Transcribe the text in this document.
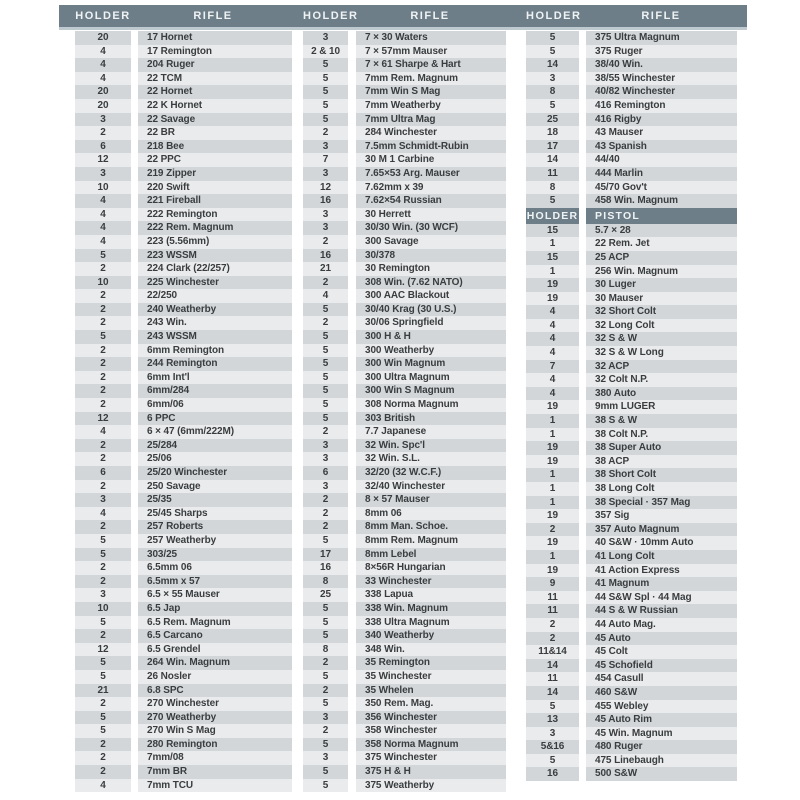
HOLDER	RIFLE	HOLDER	RIFLE	HOLDER	RIFLE
20	17 Hornet
4	17 Remington
4	204 Ruger
4	22 TCM
20	22 Hornet
20	22 K Hornet
3	22 Savage
2	22 BR
6	218 Bee
12	22 PPC
3	219 Zipper
10	220 Swift
4	221 Fireball
4	222 Remington
4	222 Rem. Magnum
4	223 (5.56mm)
5	223 WSSM
2	224 Clark (22/257)
10	225 Winchester
2	22/250
2	240 Weatherby
2	243 Win.
5	243 WSSM
2	6mm Remington
2	244 Remington
2	6mm Int'l
2	6mm/284
2	6mm/06
12	6 PPC
4	6 × 47 (6mm/222M)
2	25/284
2	25/06
6	25/20 Winchester
2	250 Savage
3	25/35
4	25/45 Sharps
2	257 Roberts
5	257 Weatherby
5	303/25
2	6.5mm 06
2	6.5mm x 57
3	6.5 × 55 Mauser
10	6.5 Jap
5	6.5 Rem. Magnum
2	6.5 Carcano
12	6.5 Grendel
5	264 Win. Magnum
5	26 Nosler
21	6.8 SPC
2	270 Winchester
5	270 Weatherby
5	270 Win S Mag
2	280 Remington
2	7mm/08
2	7mm BR
4	7mm TCU
3	7 × 30 Waters
2 & 10	7 × 57mm Mauser
5	7 × 61 Sharpe & Hart
5	7mm Rem. Magnum
5	7mm Win S Mag
5	7mm Weatherby
5	7mm Ultra Mag
2	284 Winchester
3	7.5mm Schmidt-Rubin
7	30 M 1 Carbine
3	7.65×53 Arg. Mauser
12	7.62mm x 39
16	7.62×54 Russian
3	30 Herrett
3	30/30 Win. (30 WCF)
2	300 Savage
16	30/378
21	30 Remington
2	308 Win. (7.62 NATO)
4	300 AAC Blackout
5	30/40 Krag (30 U.S.)
2	30/06 Springfield
5	300 H & H
5	300 Weatherby
5	300 Win Magnum
5	300 Ultra Magnum
5	300 Win S Magnum
5	308 Norma Magnum
5	303 British
2	7.7 Japanese
3	32 Win. Spc'l
3	32 Win. S.L.
6	32/20 (32 W.C.F.)
3	32/40 Winchester
2	8 × 57 Mauser
2	8mm 06
2	8mm Man. Schoe.
5	8mm Rem. Magnum
17	8mm Lebel
16	8×56R Hungarian
8	33 Winchester
25	338 Lapua
5	338 Win. Magnum
5	338 Ultra Magnum
5	340 Weatherby
8	348 Win.
2	35 Remington
5	35 Winchester
2	35 Whelen
5	350 Rem. Mag.
3	356 Winchester
2	358 Winchester
5	358 Norma Magnum
3	375 Winchester
5	375 H & H
5	375 Weatherby
5	375 Ultra Magnum
5	375 Ruger
14	38/40 Win.
3	38/55 Winchester
8	40/82 Winchester
5	416 Remington
25	416 Rigby
18	43 Mauser
17	43 Spanish
14	44/40
11	444 Marlin
8	45/70 Gov't
5	458 Win. Magnum
HOLDER	PISTOL
15	5.7 × 28
1	22 Rem. Jet
15	25 ACP
1	256 Win. Magnum
19	30 Luger
19	30 Mauser
4	32 Short Colt
4	32 Long Colt
4	32 S & W
4	32 S & W Long
7	32 ACP
4	32 Colt N.P.
4	380 Auto
19	9mm LUGER
1	38 S & W
1	38 Colt N.P.
19	38 Super Auto
19	38 ACP
1	38 Short Colt
1	38 Long Colt
1	38 Special · 357 Mag
19	357 Sig
2	357 Auto Magnum
19	40 S&W · 10mm Auto
1	41 Long Colt
19	41 Action Express
9	41 Magnum
11	44 S&W Spl · 44 Mag
11	44 S & W Russian
2	44 Auto Mag.
2	45 Auto
11&14	45 Colt
14	45 Schofield
11	454 Casull
14	460 S&W
5	455 Webley
13	45 Auto Rim
3	45 Win. Magnum
5&16	480 Ruger
5	475 Linebaugh
16	500 S&W
